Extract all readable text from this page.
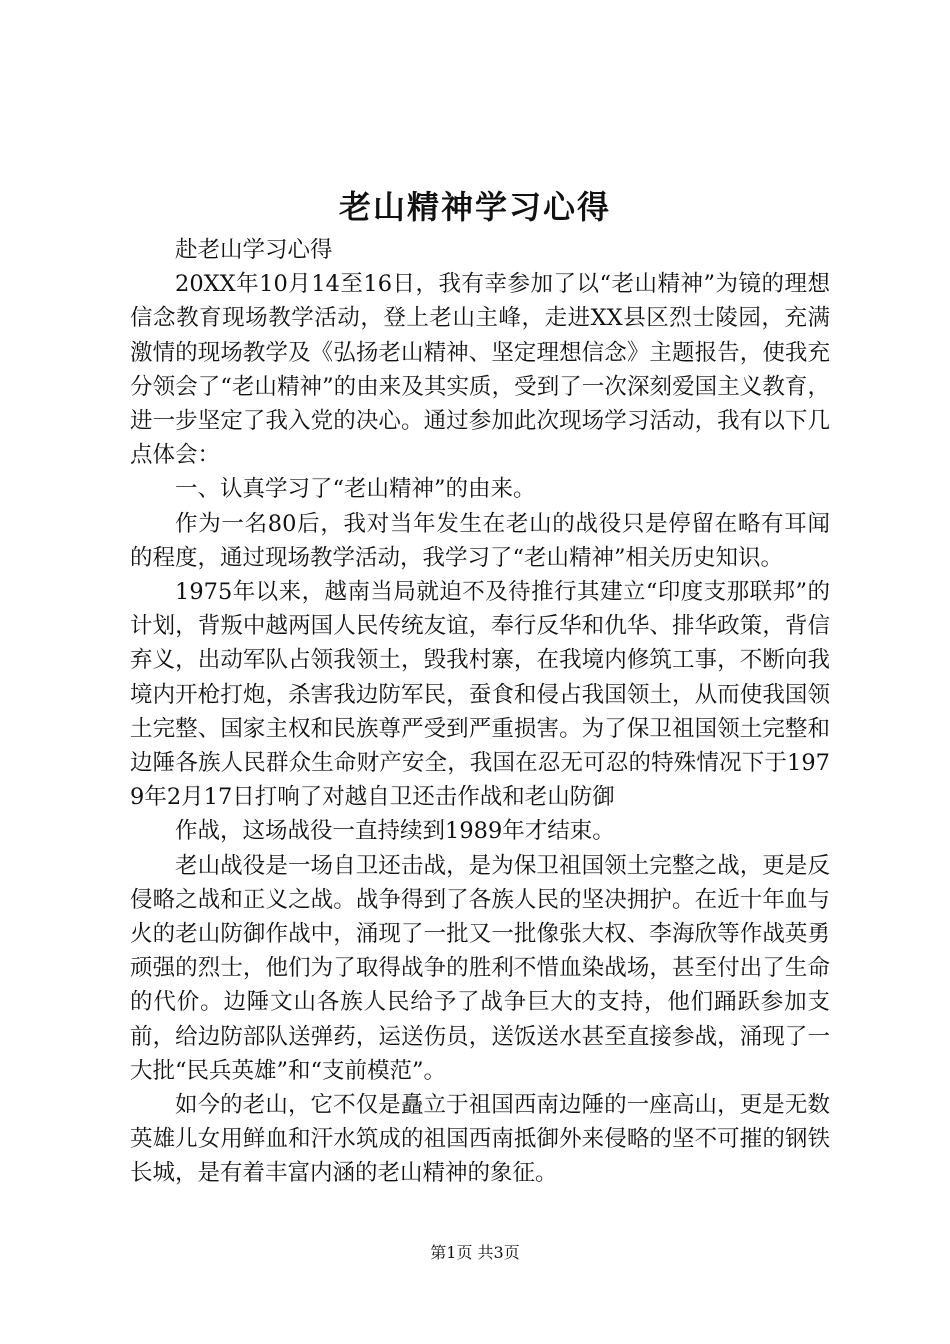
老山精神学习心得

赴老山学习心得

20XX年10月14至16日，我有幸参加了以“老山精神”为镜的理想信念教育现场教学活动，登上老山主峰，走进XX县区烈士陵园，充满激情的现场教学及《弘扬老山精神、坚定理想信念》主题报告，使我充分领会了“老山精神”的由来及其实质，受到了一次深刻爱国主义教育，进一步坚定了我入党的决心。通过参加此次现场学习活动，我有以下几点体会：

一、认真学习了“老山精神”的由来。

作为一名80后，我对当年发生在老山的战役只是停留在略有耳闻的程度，通过现场教学活动，我学习了“老山精神”相关历史知识。

1975年以来，越南当局就迫不及待推行其建立“印度支那联邦”的计划，背叛中越两国人民传统友谊，奉行反华和仇华、排华政策，背信弃义，出动军队占领我领土，毁我村寨，在我境内修筑工事，不断向我境内开枪打炮，杀害我边防军民，蚕食和侵占我国领土，从而使我国领土完整、国家主权和民族尊严受到严重损害。为了保卫祖国领土完整和边陲各族人民群众生命财产安全，我国在忍无可忍的特殊情况下于1979年2月17日打响了对越自卫还击作战和老山防御

作战，这场战役一直持续到1989年才结束。

老山战役是一场自卫还击战，是为保卫祖国领土完整之战，更是反侵略之战和正义之战。战争得到了各族人民的坚决拥护。在近十年血与火的老山防御作战中，涌现了一批又一批像张大权、李海欣等作战英勇顽强的烈士，他们为了取得战争的胜利不惜血染战场，甚至付出了生命的代价。边陲文山各族人民给予了战争巨大的支持，他们踊跃参加支前，给边防部队送弹药，运送伤员，送饭送水甚至直接参战，涌现了一大批“民兵英雄”和“支前模范”。

如今的老山，它不仅是矗立于祖国西南边陲的一座高山，更是无数英雄儿女用鲜血和汗水筑成的祖国西南抵御外来侵略的坚不可摧的钢铁长城，是有着丰富内涵的老山精神的象征。

第1页 共3页
